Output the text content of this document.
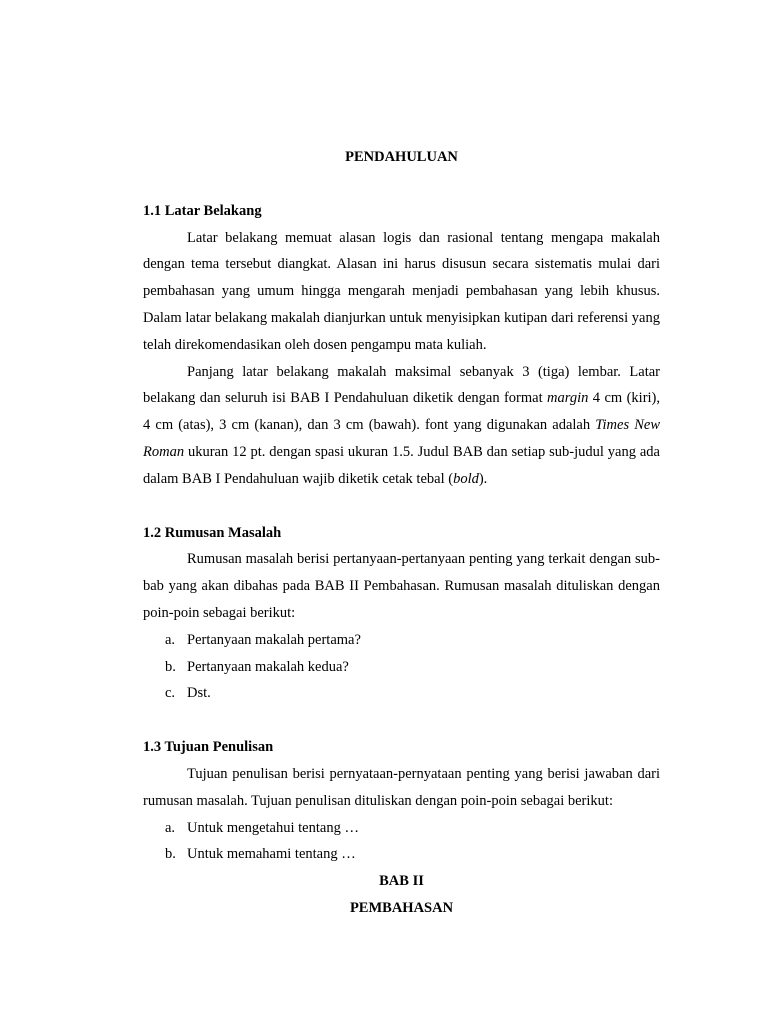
PENDAHULUAN

1.1 Latar Belakang

Latar belakang memuat alasan logis dan rasional tentang mengapa makalah dengan tema tersebut diangkat. Alasan ini harus disusun secara sistematis mulai dari pembahasan yang umum hingga mengarah menjadi pembahasan yang lebih khusus. Dalam latar belakang makalah dianjurkan untuk menyisipkan kutipan dari referensi yang telah direkomendasikan oleh dosen pengampu mata kuliah.

Panjang latar belakang makalah maksimal sebanyak 3 (tiga) lembar. Latar belakang dan seluruh isi BAB I Pendahuluan diketik dengan format margin 4 cm (kiri), 4 cm (atas), 3 cm (kanan), dan 3 cm (bawah). font yang digunakan adalah Times New Roman ukuran 12 pt. dengan spasi ukuran 1.5. Judul BAB dan setiap sub-judul yang ada dalam BAB I Pendahuluan wajib diketik cetak tebal (bold).

1.2 Rumusan Masalah

Rumusan masalah berisi pertanyaan-pertanyaan penting yang terkait dengan sub-bab yang akan dibahas pada BAB II Pembahasan. Rumusan masalah dituliskan dengan poin-poin sebagai berikut:

a. Pertanyaan makalah pertama?
b. Pertanyaan makalah kedua?
c. Dst.

1.3 Tujuan Penulisan

Tujuan penulisan berisi pernyataan-pernyataan penting yang berisi jawaban dari rumusan masalah. Tujuan penulisan dituliskan dengan poin-poin sebagai berikut:

a. Untuk mengetahui tentang …
b. Untuk memahami tentang …

BAB II

PEMBAHASAN
